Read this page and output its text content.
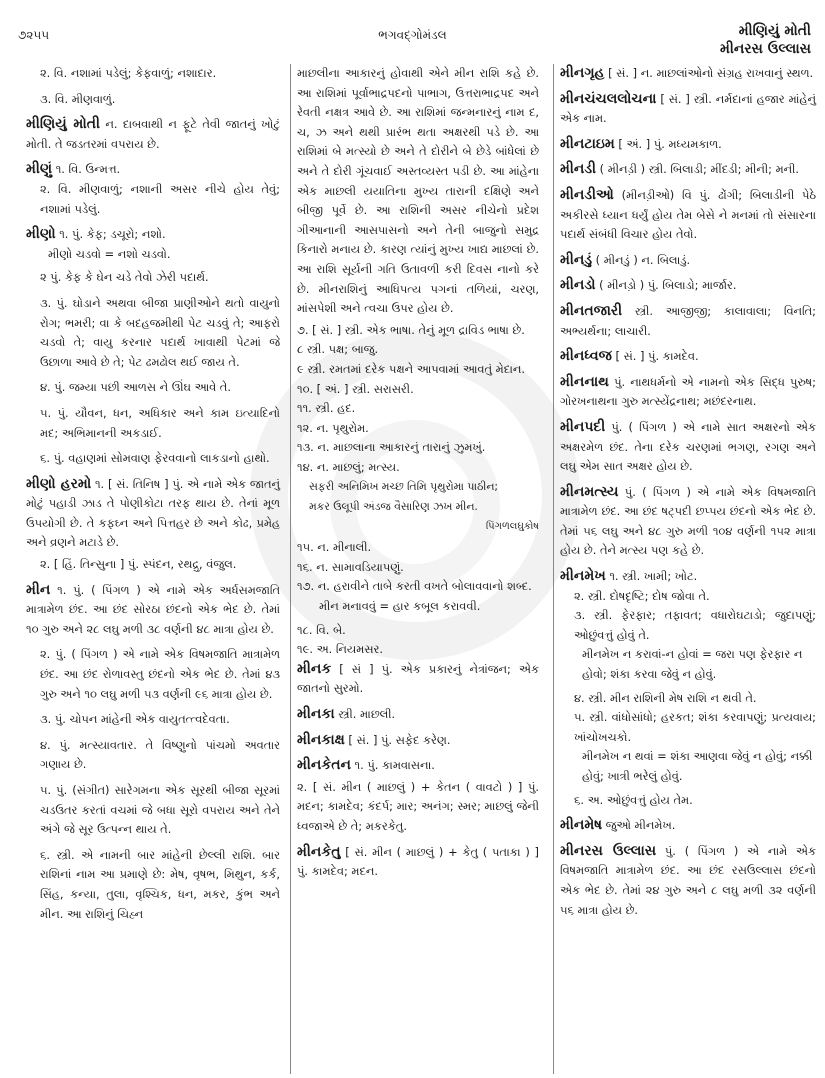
૭૨૫૫	ભગવદ્ગોમંડલ	મીણિયું મોતી
મીનરસ ઉલ્લાસ

૨. વિ. નશામાં પડેલું; કેફવાળું; નશાદાર.

૩. વિ. મીણવાળું.

મીણિયું મોતી ન. દાબવાથી ન ફૂટે તેવી જાતનું ખોટું મોતી. તે જડતરમાં વપરાય છે.

મીણું ૧. વિ. ઉન્મત્ત.

૨. વિ. મીણવાળું; નશાની અસર નીચે હોય તેવું; નશામાં પડેલું.

મીણો ૧. પું. કેફ; ડચૂરો; નશો.

મીણો ચડવો = નશો ચડવો.

૨ પું. કેફ કે ઘેન ચડે તેવો ઝેરી પદાર્થ.

૩. પું. ઘોડાને અથવા બીજા પ્રાણીઓને થતો વાયુનો રોગ; ભમરી; વા કે બદહજમીથી પેટ ચડવું તે; આફરો ચડવો તે; વાયુ કરનાર પદાર્થ ખાવાથી પેટમાં જે ઉછાળા આવે છે તે; પેટ ઢમઢોલ થઈ જાય તે.

૪. પું. જમ્યા પછી આળસ ને ઊંઘ આવે તે.

૫. પું. યૌવન, ધન, અધિકાર અને કામ ઇત્યાદિનો મદ; અભિમાનની અકડાઈ.

૬. પું. વહાણમાં સોમવાણ ફેરવવાનો લાકડાનો હાથો.

મીણો હરમો ૧. [ સં. તિનિષ ] પું. એ નામે એક જાતનું મોટું પહાડી ઝાડ તે પોણીકોટા તરફ થાય છે. તેનાં મૂળ ઉપયોગી છે. તે કફઘ્ન અને પિત્તહર છે અને કોઢ, પ્રમેહ અને વ્રણને મટાડે છે.

૨. [ હિં. તિન્સુના ] પું. સ્પંદન, રથદ્રુ, વંજુલ.

મીન ૧. પું. ( પિંગળ ) એ નામે એક અર્ધસમજાતિ માત્રામેળ છંદ. આ છંદ સોરઠા છંદનો એક ભેદ છે. તેમાં ૧૦ ગુરુ અને ૨૮ લઘુ મળી ૩૮ વર્ણની ૪૮ માત્રા હોય છે.

૨. પું. ( પિંગળ ) એ નામે એક વિષમજાતિ માત્રામેળ છંદ. આ છંદ રોળાવસ્તુ છંદનો એક ભેદ છે. તેમાં ૪૩ ગુરુ અને ૧૦ લઘુ મળી ૫૩ વર્ણની ૯૬ માત્રા હોય છે.

૩. પું. ચોપન માંહેની એક વાયુતત્ત્વદેવતા.

૪. પું. મત્સ્યાવતાર. તે વિષ્ણુનો પાંચમો અવતાર ગણાય છે.

૫. પું. (સંગીત) સારેગમના એક સૂરથી બીજા સૂરમાં ચડઉતર કરતાં વચમાં જે બધા સૂરો વપરાય અને તેને અંગે જે સૂર ઉત્પન્ન થાય તે.

૬. સ્ત્રી. એ નામની બાર માંહેની છેલ્લી રાશિ. બાર રાશિનાં નામ આ પ્રમાણે છે: મેષ, વૃષભ, મિથુન, કર્ક, સિંહ, કન્યા, તુલા, વૃશ્ચિક, ધન, મકર, કુંભ અને મીન. આ રાશિનું ચિહ્ન

માછલીના આકારનું હોવાથી એને મીન રાશિ કહે છે. આ રાશિમાં પૂર્વાભાદ્રપદનો પાભાગ, ઉત્તરાભાદ્રપદ અને રેવતી નક્ષત્ર આવે છે. આ રાશિમાં જન્મનારનું નામ દ, ચ, ઝ અને થથી પ્રારંભ થતા અક્ષરથી પડે છે. આ રાશિમાં બે મત્સ્યો છે અને તે દોરીને બે છેડે બાંધેલાં છે અને તે દોરી ગૂંચવાઈ અસ્તવ્યસ્ત પડી છે. આ માંહેના એક માછલી યયાતિના મુખ્ય તારાની દક્ષિણે અને બીજી પૂર્વે છે. આ રાશિની અસર નીચેનો પ્રદેશ ગીઆનાની આસપાસનો અને તેની બાજુનો સમુદ્ર કિનારો મનાય છે. કારણ ત્યાંનું મુખ્ય ખાદ્ય માછલાં છે. આ રાશિ સૂર્યની ગતિ ઉતાવળી કરી દિવસ નાનો કરે છે. મીનરાશિનું આધિપત્ય પગનાં તળિયાં, ચરણ, માંસપેશી અને ત્વચા ઉપર હોય છે.

૭. [ સં. ] સ્ત્રી. એક ભાષા. તેનું મૂળ દ્રાવિડ ભાષા છે.

૮ સ્ત્રી. પક્ષ; બાજુ.

૯ સ્ત્રી. રમતમાં દરેક પક્ષને આપવામાં આવતું મેદાન.

૧૦. [ અં. ] સ્ત્રી. સરાસરી.

૧૧. સ્ત્રી. હદ.

૧૨. ન. પૃથુરોમ.

૧૩. ન. માછલાના આકારનું તારાનું ઝુમખું.

૧૪. ન. માછલું; મત્સ્ય.

સફરી અનિમિખ મચ્છ તિમિ પૃથુરોમા પાઠીન;

મકર ઉલૂપી અંડજ વૈસારિણ ઝખ મીન.

પિંગળલઘુકોષ

૧૫. ન. મીનાલી.

૧૬. ન. સામાવડિયાપણું.

૧૭. ન. હરાવીને તાબે કરતી વખતે બોલાવવાનો શબ્દ.

મીન મનાવવું = હાર કબૂલ કરાવવી.

૧૮. વિ. બે.

૧૯. અ. નિયમસર.

મીનક [ સં ] પું. એક પ્રકારનું નેત્રાંજન; એક જાતનો સુરમો.

મીનકા સ્ત્રી. માછલી.

મીનકાક્ષ [ સં. ] પું. સફેદ કરેણ.

મીનકેતન ૧. પું. કામવાસના.

૨. [ સં. મીન ( માછલું ) + કેતન ( વાવટો ) ] પું. મદન; કામદેવ; કંદર્પ; માર; અનંગ; સ્મર; માછલું જેની ધ્વજાએ છે તે; મકરકેતુ.

મીનકેતુ [ સં. મીન ( માછલું ) + કેતુ ( પતાકા ) ] પું. કામદેવ; મદન.

મીનગૃહ [ સં. ] ન. માછલાંઓનો સંગ્રહ રાખવાનું સ્થળ.

મીનચંચલલોચના [ સં. ] સ્ત્રી. નર્મદાનાં હજાર માંહેનું એક નામ.

મીનટાઇમ [ અં. ] પું. મધ્યમકાળ.

મીનડી ( મીનડ઼ી ) સ્ત્રી. બિલાડી; મીંદડી; મીની; મની.

મીનડીઓ (મીનડ઼ીઓ) વિ પું. ઢોંગી; બિલાડીની પેઠે અકીરસે ધ્યાન ધર્યું હોય તેમ બેસે ને મનમાં તો સંસારના પદાર્થ સંબંધી વિચાર હોય તેવો.

મીનડું ( મીનડ઼ું ) ન. બિલાડું.

મીનડો ( મીનડ઼ો ) પું. બિલાડો; માર્જાર.

મીનતજારી સ્ત્રી. આજીજી; કાલાવાલા; વિનતિ; અભ્યર્થના; લાચારી.

મીનધ્વજ [ સં. ] પું. કામદેવ.

મીનનાથ પું. નાથધર્મનો એ નામનો એક સિદ્ધ પુરુષ; ગોરખનાથના ગુરુ મત્સ્યેંદ્રનાથ; મછંદરનાથ.

મીનપદી પું. ( પિંગળ ) એ નામે સાત અક્ષરનો એક અક્ષરમેળ છંદ. તેના દરેક ચરણમાં ભગણ, રગણ અને લઘુ એમ સાત અક્ષર હોય છે.

મીનમત્સ્ય પું. ( પિંગળ ) એ નામે એક વિષમજાતિ માત્રામેળ છંદ. આ છંદ ષટ્પદી છપ્પય છંદનો એક ભેદ છે. તેમાં ૫૬ લઘુ અને ૪૮ ગુરુ મળી ૧૦૪ વર્ણની ૧૫૨ માત્રા હોય છે. તેને મત્સ્ય પણ કહે છે.

મીનમેખ ૧. સ્ત્રી. ખામી; ખોટ.

૨. સ્ત્રી. દોષદૃષ્ટિ; દોષ જોવા તે.

૩. સ્ત્રી. ફેરફાર; તફાવત; વધારોઘટાડો; જુદાપણું; ઓછુંવત્તું હોવું તે.

મીનમેખ ન કરાવાં-ન હોવાં = જરા પણ ફેરફાર ન હોવો; શંકા કરવા જેવું ન હોવું.

૪. સ્ત્રી. મીન રાશિની મેષ રાશિ ન થવી તે.

૫. સ્ત્રી. વાંધોસાંધો; હરકત; શંકા કરવાપણું; પ્રત્યવાય; ખાંચોખચકો.

મીનમેખ ન થવાં = શંકા આણવા જેવું ન હોવું; નક્કી હોવું; ખાત્રી ભરેલું હોવું.

૬. અ. ઓછુંવત્તું હોય તેમ.

મીનમેષ જુઓ મીનમેખ.

મીનરસ ઉલ્લાસ પું. ( પિંગળ ) એ નામે એક વિષમજાતિ માત્રામેળ છંદ. આ છંદ રસઉલ્લાસ છંદનો એક ભેદ છે. તેમાં ૨૪ ગુરુ અને ૮ લઘુ મળી ૩૨ વર્ણની ૫૬ માત્રા હોય છે.
